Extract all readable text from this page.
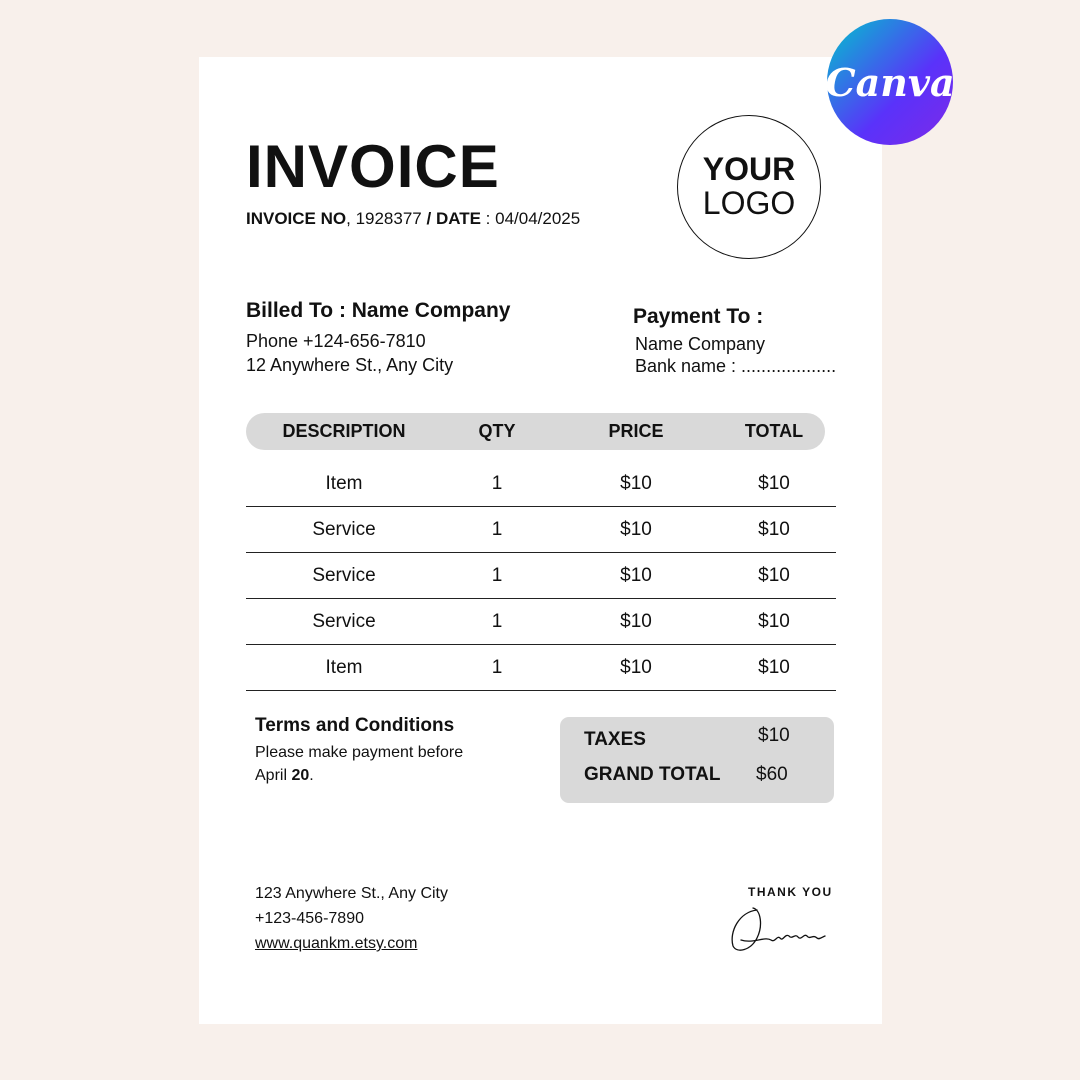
INVOICE
INVOICE NO, 1928377 / DATE : 04/04/2025
YOUR
LOGO
Billed To : Name Company
Phone +124-656-7810
12 Anywhere St., Any City
Payment To :
Name Company
Bank name : ...................
DESCRIPTION	QTY	PRICE	TOTAL
Item	1	$10	$10
Service	1	$10	$10
Service	1	$10	$10
Service	1	$10	$10
Item	1	$10	$10
Terms and Conditions
Please make payment before
April 20.
TAXES	$10
GRAND TOTAL $60
123 Anywhere St., Any City
+123-456-7890
www.quankm.etsy.com
THANK YOU
Canva
